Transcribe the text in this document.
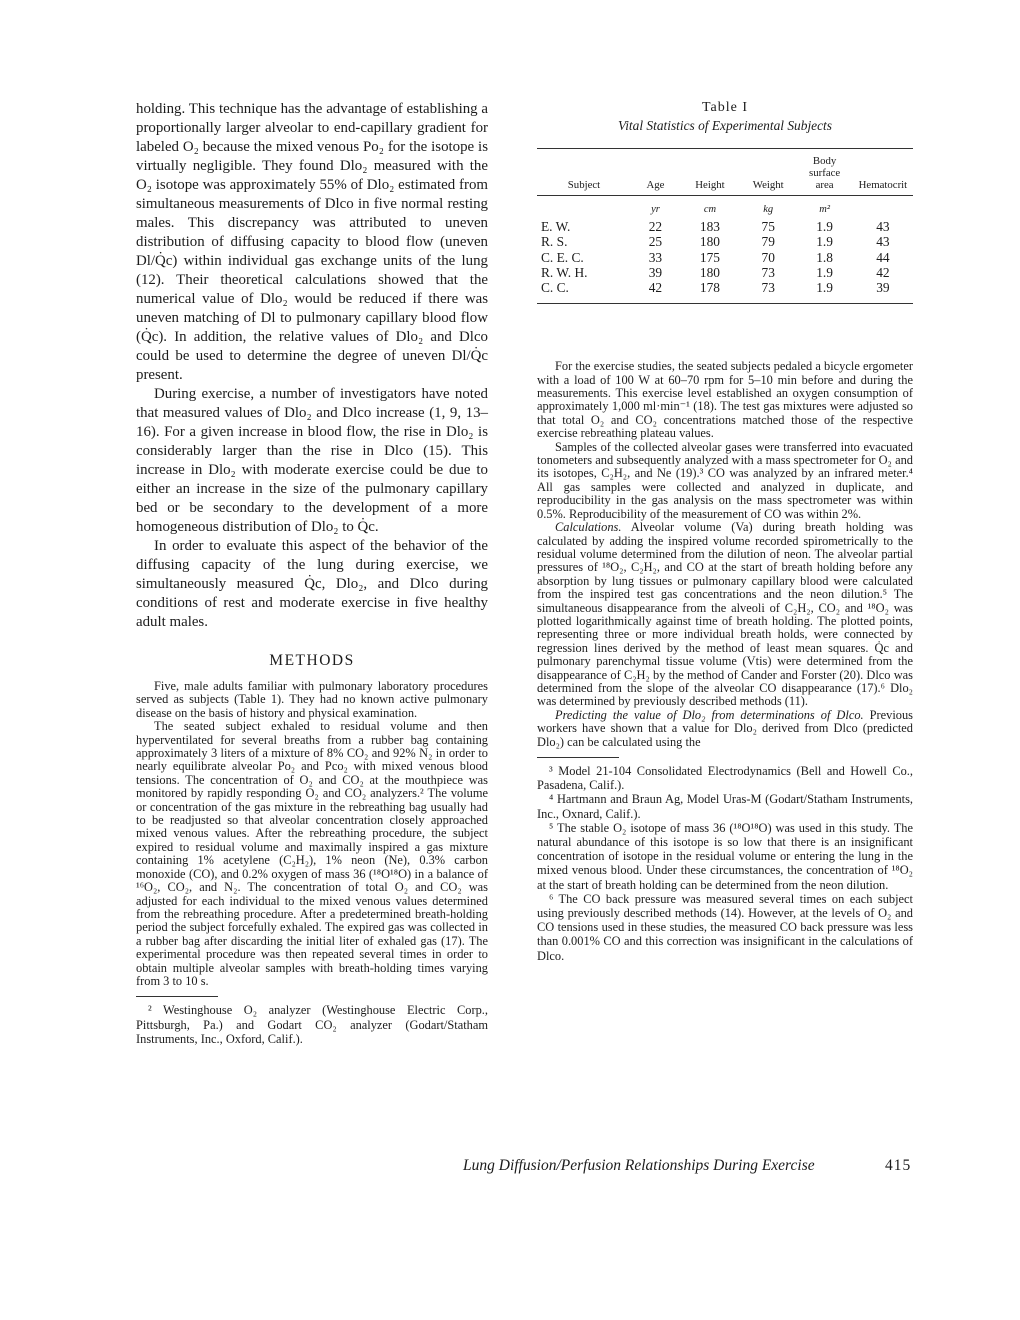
holding. This technique has the advantage of establishing a proportionally larger alveolar to end-capillary gradient for labeled O₂ because the mixed venous Po₂ for the isotope is virtually negligible. They found Dlo₂ measured with the O₂ isotope was approximately 55% of Dlo₂ estimated from simultaneous measurements of Dlco in five normal resting males. This discrepancy was attributed to uneven distribution of diffusing capacity to blood flow (uneven Dl/Q̇c) within individual gas exchange units of the lung (12). Their theoretical calculations showed that the numerical value of Dlo₂ would be reduced if there was uneven matching of Dl to pulmonary capillary blood flow (Q̇c). In addition, the relative values of Dlo₂ and Dlco could be used to determine the degree of uneven Dl/Q̇c present.

During exercise, a number of investigators have noted that measured values of Dlo₂ and Dlco increase (1, 9, 13–16). For a given increase in blood flow, the rise in Dlo₂ is considerably larger than the rise in Dlco (15). This increase in Dlo₂ with moderate exercise could be due to either an increase in the size of the pulmonary capillary bed or be secondary to the development of a more homogeneous distribution of Dlo₂ to Q̇c.

In order to evaluate this aspect of the behavior of the diffusing capacity of the lung during exercise, we simultaneously measured Q̇c, Dlo₂, and Dlco during conditions of rest and moderate exercise in five healthy adult males.

METHODS

Five, male adults familiar with pulmonary laboratory procedures served as subjects (Table 1). They had no known active pulmonary disease on the basis of history and physical examination.

The seated subject exhaled to residual volume and then hyperventilated for several breaths from a rubber bag containing approximately 3 liters of a mixture of 8% CO₂ and 92% N₂ in order to nearly equilibrate alveolar Po₂ and Pco₂ with mixed venous blood tensions. The concentration of O₂ and CO₂ at the mouthpiece was monitored by rapidly responding O₂ and CO₂ analyzers.² The volume or concentration of the gas mixture in the rebreathing bag usually had to be readjusted so that alveolar concentration closely approached mixed venous values. After the rebreathing procedure, the subject expired to residual volume and maximally inspired a gas mixture containing 1% acetylene (C₂H₂), 1% neon (Ne), 0.3% carbon monoxide (CO), and 0.2% oxygen of mass 36 (¹⁸O¹⁸O) in a balance of ¹⁶O₂, CO₂, and N₂. The concentration of total O₂ and CO₂ was adjusted for each individual to the mixed venous values determined from the rebreathing procedure. After a predetermined breath-holding period the subject forcefully exhaled. The expired gas was collected in a rubber bag after discarding the initial liter of exhaled gas (17). The experimental procedure was then repeated several times in order to obtain multiple alveolar samples with breath-holding times varying from 3 to 10 s.

² Westinghouse O₂ analyzer (Westinghouse Electric Corp., Pittsburgh, Pa.) and Godart CO₂ analyzer (Godart/Statham Instruments, Inc., Oxford, Calif.).

Table I
Vital Statistics of Experimental Subjects
Subject	Age	Height	Weight	Body surface area	Hematocrit
	yr	cm	kg	m²	
E. W.	22	183	75	1.9	43
R. S.	25	180	79	1.9	43
C. E. C.	33	175	70	1.8	44
R. W. H.	39	180	73	1.9	42
C. C.	42	178	73	1.9	39

For the exercise studies, the seated subjects pedaled a bicycle ergometer with a load of 100 W at 60–70 rpm for 5–10 min before and during the measurements. This exercise level established an oxygen consumption of approximately 1,000 ml·min⁻¹ (18). The test gas mixtures were adjusted so that total O₂ and CO₂ concentrations matched those of the respective exercise rebreathing plateau values.

Samples of the collected alveolar gases were transferred into evacuated tonometers and subsequently analyzed with a mass spectrometer for O₂ and its isotopes, C₂H₂, and Ne (19).³ CO was analyzed by an infrared meter.⁴ All gas samples were collected and analyzed in duplicate, and reproducibility in the gas analysis on the mass spectrometer was within 0.5%. Reproducibility of the measurement of CO was within 2%.

Calculations. Alveolar volume (Va) during breath holding was calculated by adding the inspired volume recorded spirometrically to the residual volume determined from the dilution of neon. The alveolar partial pressures of ¹⁸O₂, C₂H₂, and CO at the start of breath holding before any absorption by lung tissues or pulmonary capillary blood were calculated from the inspired test gas concentrations and the neon dilution.⁵ The simultaneous disappearance from the alveoli of C₂H₂, CO₂ and ¹⁸O₂ was plotted logarithmically against time of breath holding. The plotted points, representing three or more individual breath holds, were connected by regression lines derived by the method of least mean squares. Q̇c and pulmonary parenchymal tissue volume (Vtis) were determined from the disappearance of C₂H₂ by the method of Cander and Forster (20). Dlco was determined from the slope of the alveolar CO disappearance (17).⁶ Dlo₂ was determined by previously described methods (11).

Predicting the value of Dlo₂ from determinations of Dlco. Previous workers have shown that a value for Dlo₂ derived from Dlco (predicted Dlo₂) can be calculated using the

³ Model 21-104 Consolidated Electrodynamics (Bell and Howell Co., Pasadena, Calif.).

⁴ Hartmann and Braun Ag, Model Uras-M (Godart/Statham Instruments, Inc., Oxnard, Calif.).

⁵ The stable O₂ isotope of mass 36 (¹⁸O¹⁸O) was used in this study. The natural abundance of this isotope is so low that there is an insignificant concentration of isotope in the residual volume or entering the lung in the mixed venous blood. Under these circumstances, the concentration of ¹⁸O₂ at the start of breath holding can be determined from the neon dilution.

⁶ The CO back pressure was measured several times on each subject using previously described methods (14). However, at the levels of O₂ and CO tensions used in these studies, the measured CO back pressure was less than 0.001% CO and this correction was insignificant in the calculations of Dlco.

Lung Diffusion/Perfusion Relationships During Exercise	415
